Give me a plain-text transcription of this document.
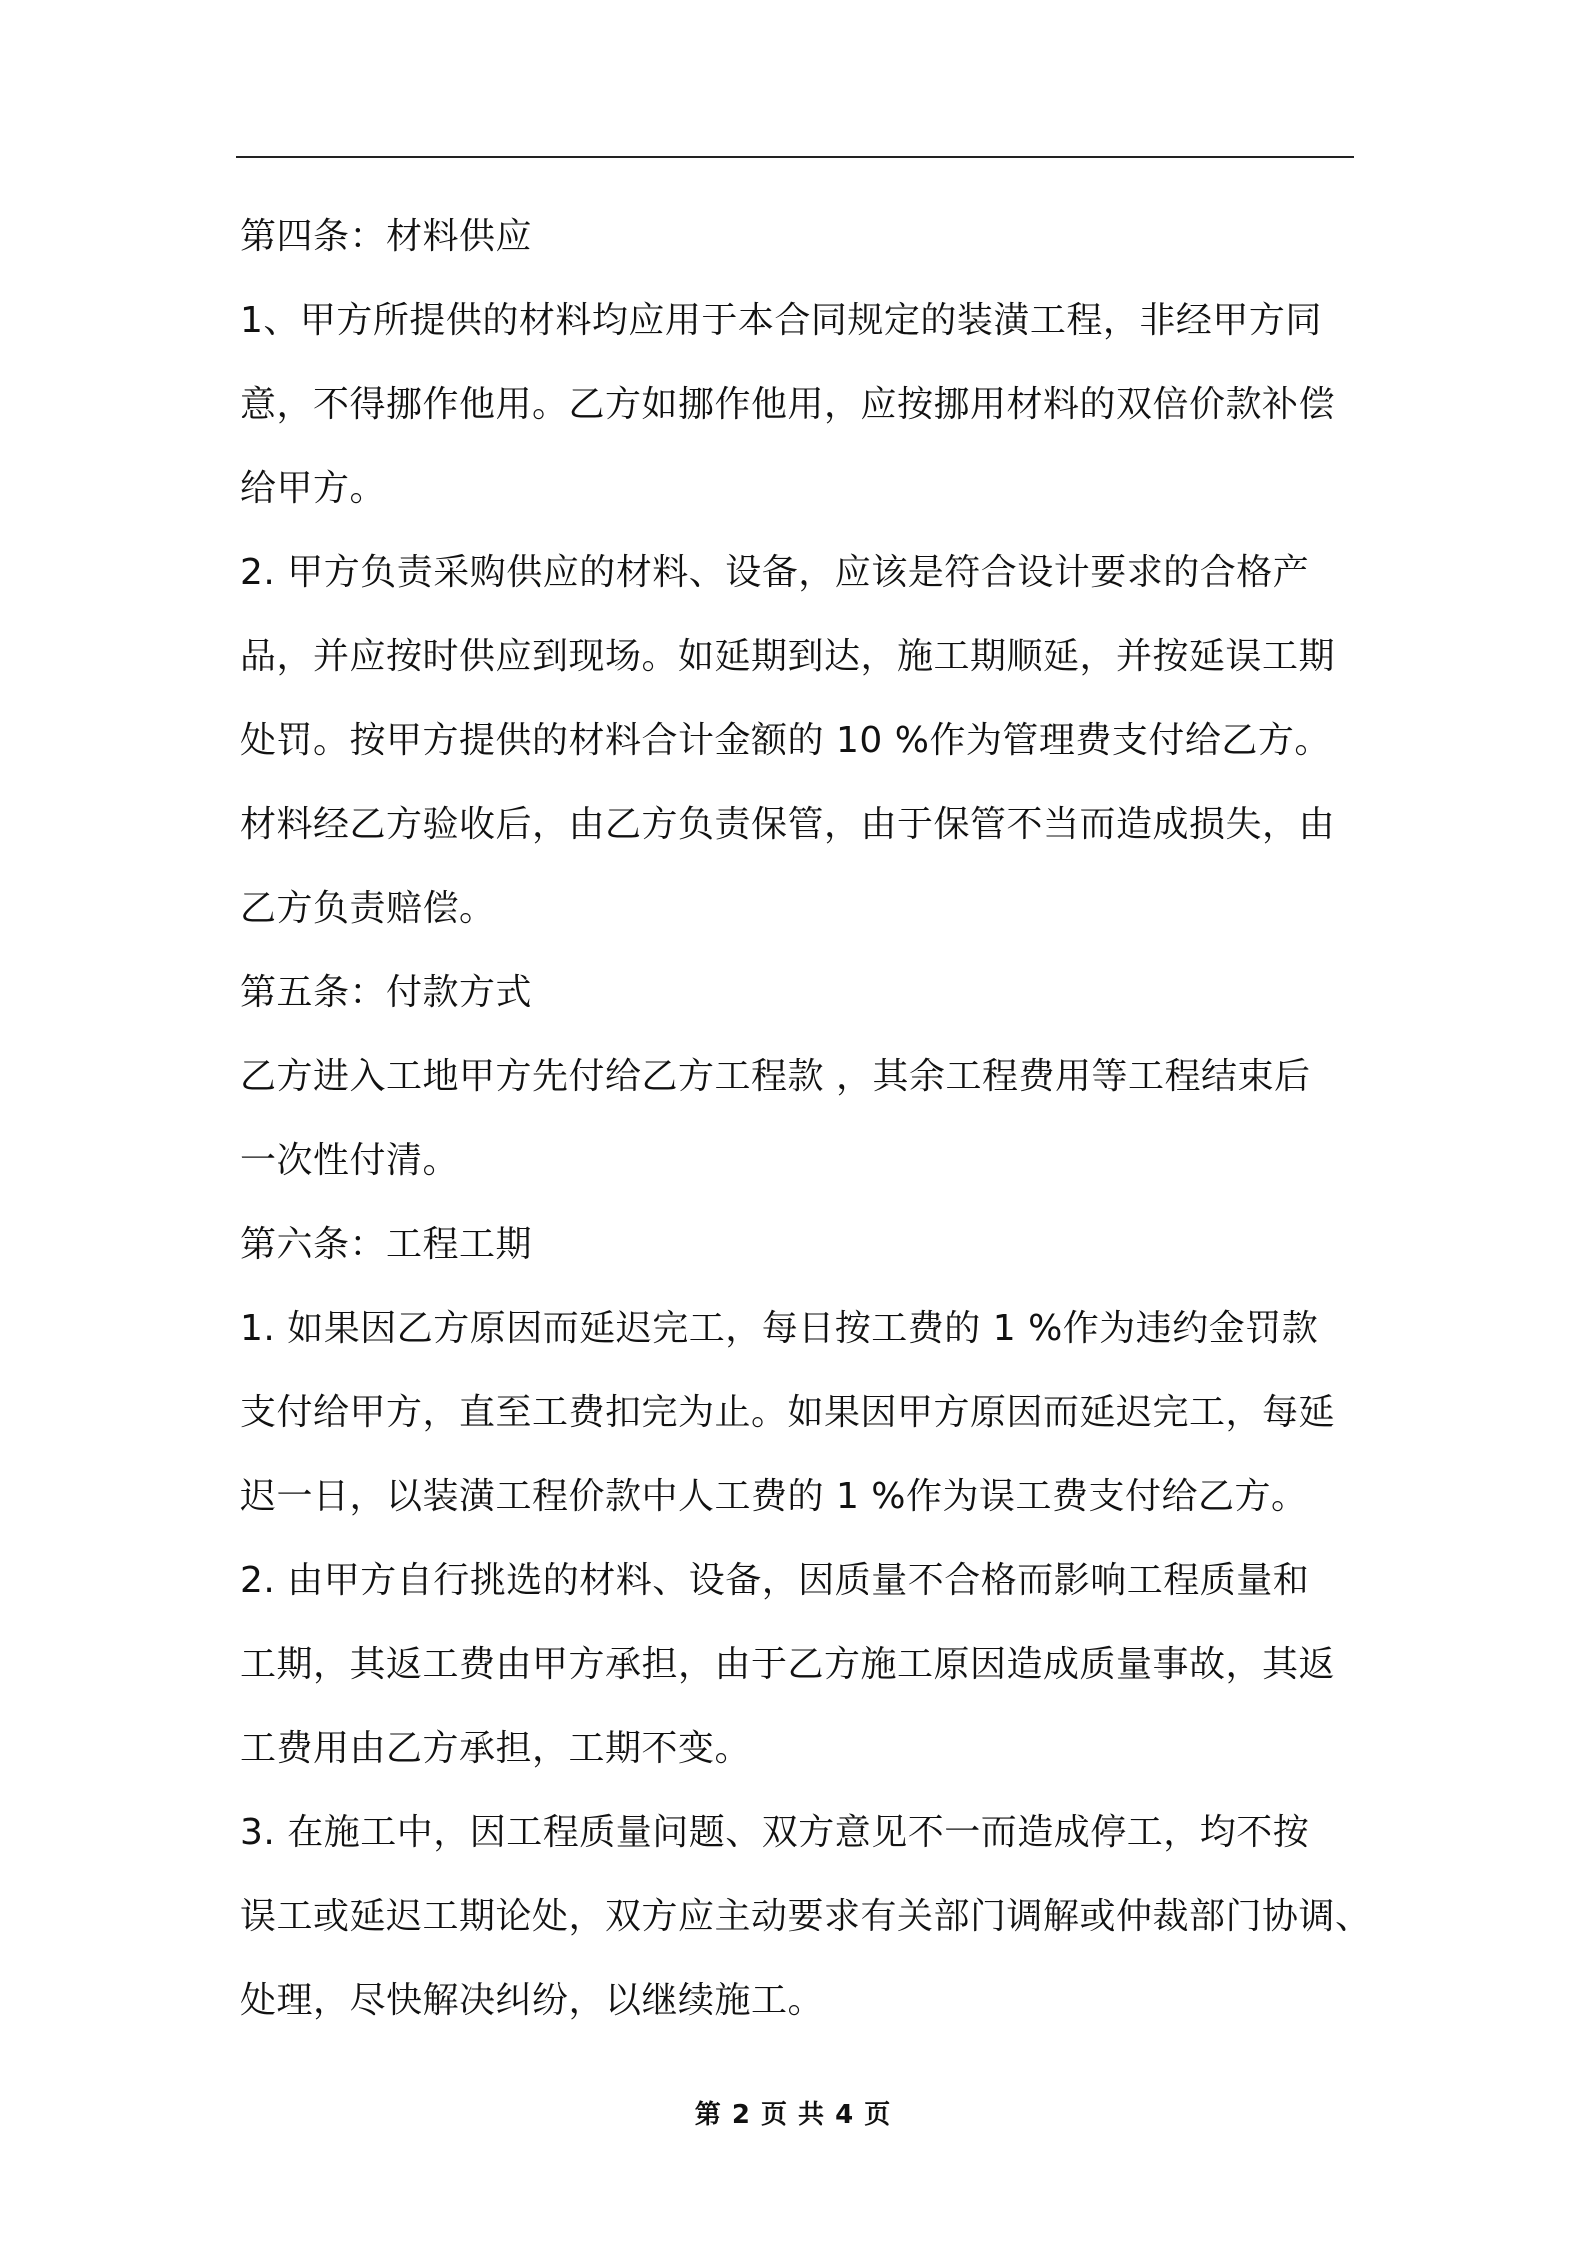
第四条：材料供应
1、甲方所提供的材料均应用于本合同规定的装潢工程，非经甲方同
意，不得挪作他用。乙方如挪作他用，应按挪用材料的双倍价款补偿
给甲方。
2. 甲方负责采购供应的材料、设备，应该是符合设计要求的合格产
品，并应按时供应到现场。如延期到达，施工期顺延，并按延误工期
处罚。按甲方提供的材料合计金额的 10 %作为管理费支付给乙方。
材料经乙方验收后，由乙方负责保管，由于保管不当而造成损失，由
乙方负责赔偿。
第五条：付款方式
乙方进入工地甲方先付给乙方工程款 ，其余工程费用等工程结束后
一次性付清。
第六条：工程工期
1. 如果因乙方原因而延迟完工，每日按工费的 1 %作为违约金罚款
支付给甲方，直至工费扣完为止。如果因甲方原因而延迟完工，每延
迟一日，以装潢工程价款中人工费的 1 %作为误工费支付给乙方。
2. 由甲方自行挑选的材料、设备，因质量不合格而影响工程质量和
工期，其返工费由甲方承担，由于乙方施工原因造成质量事故，其返
工费用由乙方承担，工期不变。
3. 在施工中，因工程质量问题、双方意见不一而造成停工，均不按
误工或延迟工期论处，双方应主动要求有关部门调解或仲裁部门协调、
处理，尽快解决纠纷，以继续施工。
第 2 页 共 4 页
